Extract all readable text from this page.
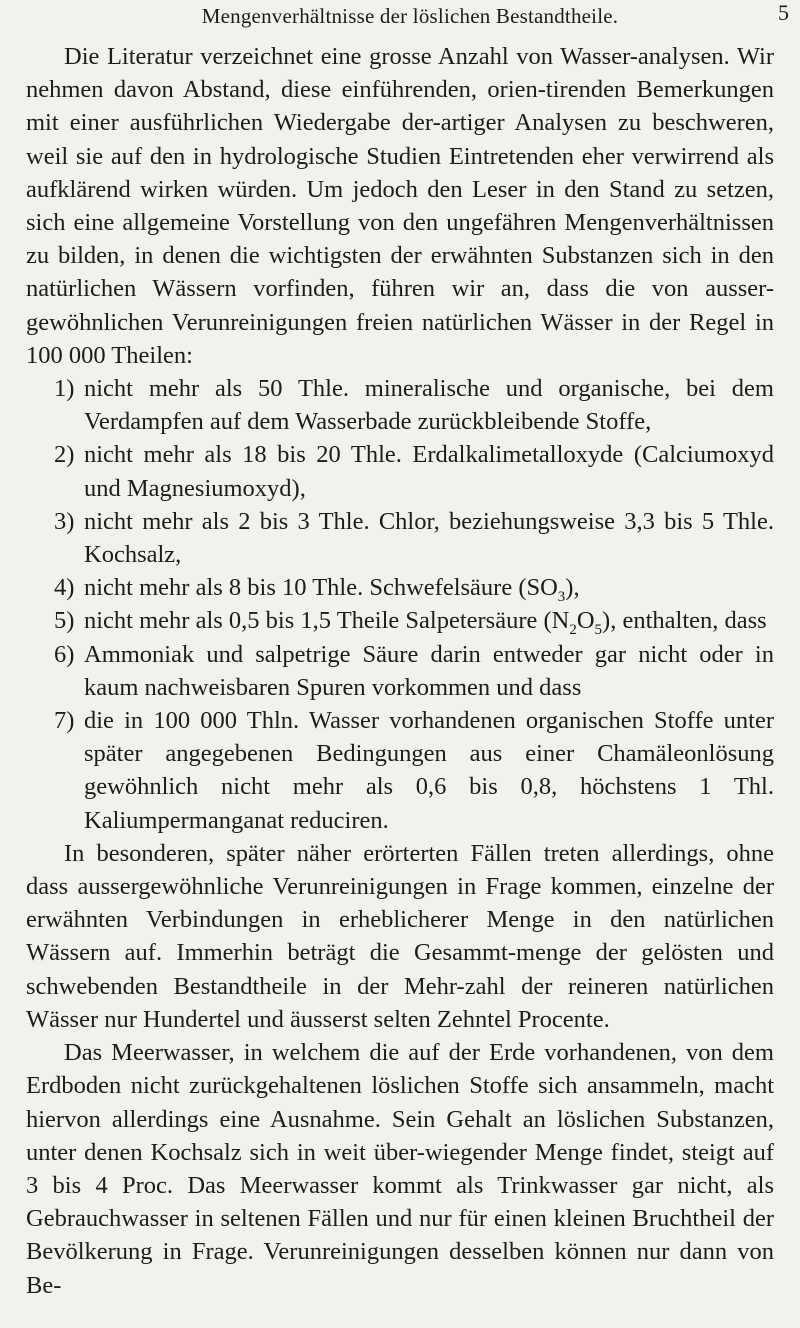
Mengenverhältnisse der löslichen Bestandtheile.	5

Die Literatur verzeichnet eine grosse Anzahl von Wasser-analysen. Wir nehmen davon Abstand, diese einführenden, orien-tirenden Bemerkungen mit einer ausführlichen Wiedergabe der-artiger Analysen zu beschweren, weil sie auf den in hydrologische Studien Eintretenden eher verwirrend als aufklärend wirken würden. Um jedoch den Leser in den Stand zu setzen, sich eine allgemeine Vorstellung von den ungefähren Mengenverhältnissen zu bilden, in denen die wichtigsten der erwähnten Substanzen sich in den natürlichen Wässern vorfinden, führen wir an, dass die von ausser-gewöhnlichen Verunreinigungen freien natürlichen Wässer in der Regel in 100 000 Theilen:

1) nicht mehr als 50 Thle. mineralische und organische, bei dem Verdampfen auf dem Wasserbade zurückbleibende Stoffe,
2) nicht mehr als 18 bis 20 Thle. Erdalkalimetalloxyde (Calciumoxyd und Magnesiumoxyd),
3) nicht mehr als 2 bis 3 Thle. Chlor, beziehungsweise 3,3 bis 5 Thle. Kochsalz,
4) nicht mehr als 8 bis 10 Thle. Schwefelsäure $(SO_3)$,
5) nicht mehr als 0,5 bis 1,5 Theile Salpetersäure $(N_2O_5)$, enthalten, dass
6) Ammoniak und salpetrige Säure darin entweder gar nicht oder in kaum nachweisbaren Spuren vorkommen und dass
7) die in 100 000 Thln. Wasser vorhandenen organischen Stoffe unter später angegebenen Bedingungen aus einer Chamäleonlösung gewöhnlich nicht mehr als 0,6 bis 0,8, höchstens 1 Thl. Kaliumpermanganat reduciren.

In besonderen, später näher erörterten Fällen treten allerdings, ohne dass aussergewöhnliche Verunreinigungen in Frage kommen, einzelne der erwähnten Verbindungen in erheblicherer Menge in den natürlichen Wässern auf. Immerhin beträgt die Gesammt-menge der gelösten und schwebenden Bestandtheile in der Mehr-zahl der reineren natürlichen Wässer nur Hundertel und äusserst selten Zehntel Procente.

Das Meerwasser, in welchem die auf der Erde vorhandenen, von dem Erdboden nicht zurückgehaltenen löslichen Stoffe sich ansammeln, macht hiervon allerdings eine Ausnahme. Sein Gehalt an löslichen Substanzen, unter denen Kochsalz sich in weit über-wiegender Menge findet, steigt auf 3 bis 4 Proc. Das Meerwasser kommt als Trinkwasser gar nicht, als Gebrauchwasser in seltenen Fällen und nur für einen kleinen Bruchtheil der Bevölkerung in Frage. Verunreinigungen desselben können nur dann von Be-
